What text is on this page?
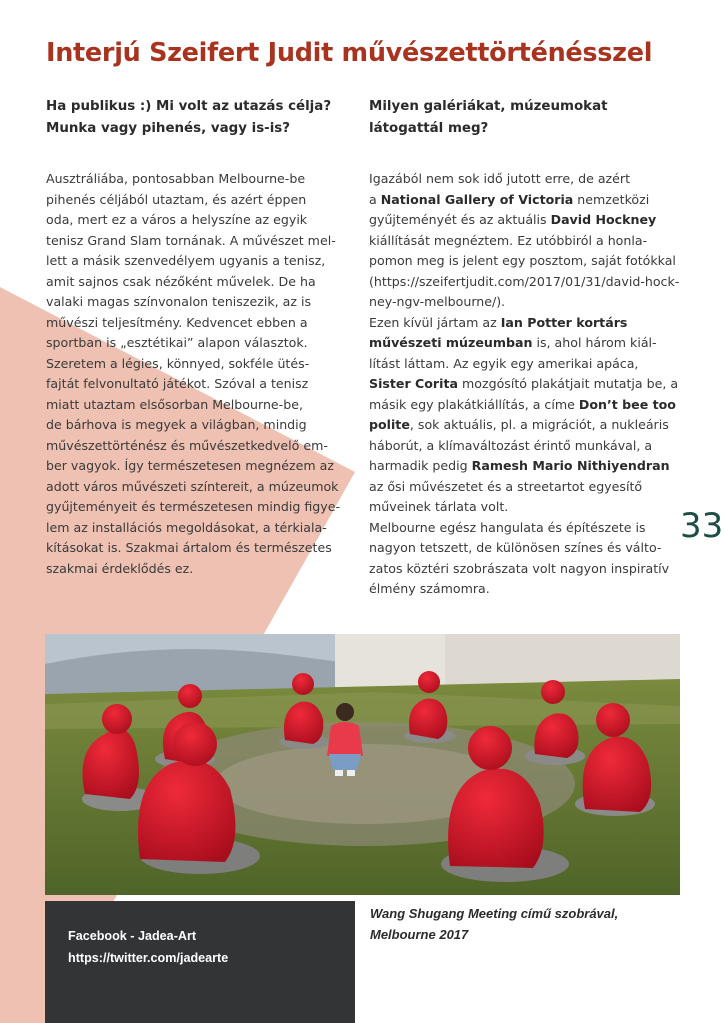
Interjú Szeifert Judit művészettörténésszel
Ha publikus :) Mi volt az utazás célja?
Munka vagy pihenés, vagy is-is?
Ausztráliába, pontosabban Melbourne-be
pihenés céljából utaztam, és azért éppen
oda, mert ez a város a helyszíne az egyik
tenisz Grand Slam tornának. A művészet mel-
lett a másik szenvedélyem ugyanis a tenisz,
amit sajnos csak nézőként művelek. De ha
valaki magas színvonalon teniszezik, az is
művészi teljesítmény. Kedvencet ebben a
sportban is „esztétikai” alapon választok.
Szeretem a légies, könnyed, sokféle ütés-
fajtát felvonultató játékot. Szóval a tenisz
miatt utaztam elsősorban Melbourne-be,
de bárhova is megyek a világban, mindig
művészettörténész és művészetkedvelő em-
ber vagyok. Így természetesen megnézem az
adott város művészeti színtereit, a múzeumok
gyűjteményeit és természetesen mindig figye-
lem az installációs megoldásokat, a térkiala-
kításokat is. Szakmai ártalom és természetes
szakmai érdeklődés ez.
Milyen galériákat, múzeumokat
látogattál meg?
Igazából nem sok idő jutott erre, de azért
a National Gallery of Victoria nemzetközi
gyűjteményét és az aktuális David Hockney
kiállítását megnéztem. Ez utóbbiról a honla-
pomon meg is jelent egy posztom, saját fotókkal
(https://szeifertjudit.com/2017/01/31/david-hock-
ney-ngv-melbourne/).
Ezen kívül jártam az Ian Potter kortárs
művészeti múzeumban is, ahol három kiál-
lítást láttam. Az egyik egy amerikai apáca,
Sister Corita mozgósító plakátjait mutatja be, a
másik egy plakátkiállítás, a címe Don’t bee too
polite, sok aktuális, pl. a migrációt, a nukleáris
háborút, a klímaváltozást érintő munkával, a
harmadik pedig Ramesh Mario Nithiyendran
az ősi művészetet és a streetartot egyesítő
műveinek tárlata volt.
Melbourne egész hangulata és építészete is
nagyon tetszett, de különösen színes és válto-
zatos köztéri szobrászata volt nagyon inspiratív
élmény számomra.
33
Facebook - Jadea-Art
https://twitter.com/jadearte
Wang Shugang Meeting című szobrával,
Melbourne 2017
